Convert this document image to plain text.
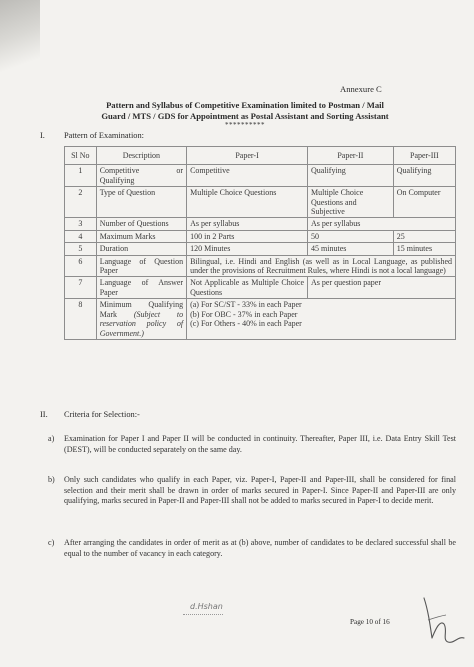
Annexure C
Pattern and Syllabus of Competitive Examination limited to Postman / Mail
Guard / MTS / GDS for Appointment as Postal Assistant and Sorting Assistant
**********
I. Pattern of Examination:
Sl No	Description	Paper-I	Paper-II	Paper-III
1	Competitive or Qualifying	Competitive	Qualifying	Qualifying
2	Type of Question	Multiple Choice Questions	Multiple Choice Questions and Subjective	On Computer
3	Number of Questions	As per syllabus	As per syllabus	
4	Maximum Marks	100 in 2 Parts	50	25
5	Duration	120 Minutes	45 minutes	15 minutes
6	Language of Question Paper	Bilingual, i.e. Hindi and English (as well as in Local Language, as published under the provisions of Recruitment Rules, where Hindi is not a local language)		
7	Language of Answer Paper	Not Applicable as Multiple Choice Questions	As per question paper	
8	Minimum Qualifying Mark (Subject to reservation policy of Government.)	(a) For SC/ST - 33% in each Paper
(b) For OBC - 37% in each Paper
(c) For Others - 40% in each Paper		
II. Criteria for Selection:-
a) Examination for Paper I and Paper II will be conducted in continuity. Thereafter, Paper III, i.e. Data Entry Skill Test (DEST), will be conducted separately on the same day.
b) Only such candidates who qualify in each Paper, viz. Paper-I, Paper-II and Paper-III, shall be considered for final selection and their merit shall be drawn in order of marks secured in Paper-I. Since Paper-II and Paper-III are only qualifying, marks secured in Paper-II and Paper-III shall not be added to marks secured in Paper-I to decide merit.
c) After arranging the candidates in order of merit as at (b) above, number of candidates to be declared successful shall be equal to the number of vacancy in each category.
d.Hshan
Page 10 of 16
